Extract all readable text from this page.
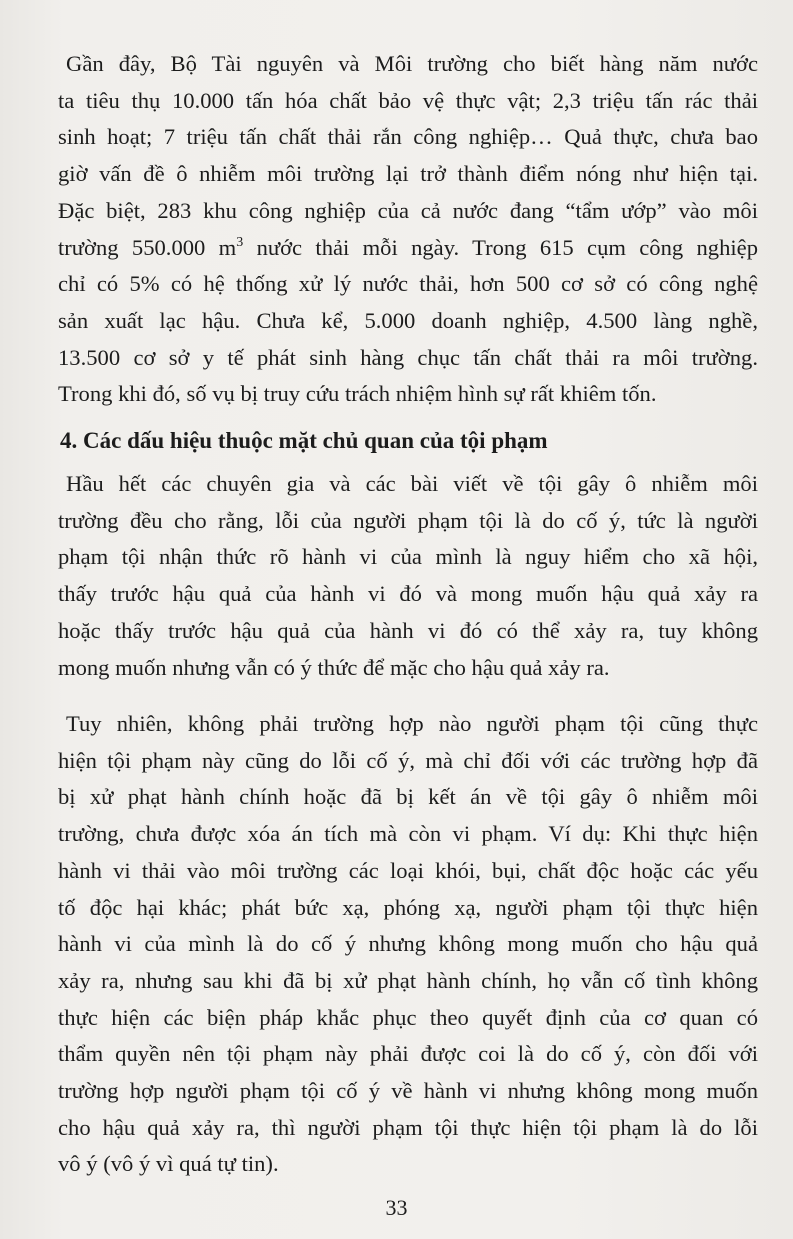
Gần đây, Bộ Tài nguyên và Môi trường cho biết hàng năm nước
ta tiêu thụ 10.000 tấn hóa chất bảo vệ thực vật; 2,3 triệu tấn rác thải
sinh hoạt; 7 triệu tấn chất thải rắn công nghiệp… Quả thực, chưa bao
giờ vấn đề ô nhiễm môi trường lại trở thành điểm nóng như hiện tại.
Đặc biệt, 283 khu công nghiệp của cả nước đang “tẩm ướp” vào môi
trường 550.000 $m^3$ nước thải mỗi ngày. Trong 615 cụm công nghiệp
chỉ có 5% có hệ thống xử lý nước thải, hơn 500 cơ sở có công nghệ
sản xuất lạc hậu. Chưa kể, 5.000 doanh nghiệp, 4.500 làng nghề,
13.500 cơ sở y tế phát sinh hàng chục tấn chất thải ra môi trường.
Trong khi đó, số vụ bị truy cứu trách nhiệm hình sự rất khiêm tốn.
4. Các dấu hiệu thuộc mặt chủ quan của tội phạm
Hầu hết các chuyên gia và các bài viết về tội gây ô nhiễm môi
trường đều cho rằng, lỗi của người phạm tội là do cố ý, tức là người
phạm tội nhận thức rõ hành vi của mình là nguy hiểm cho xã hội,
thấy trước hậu quả của hành vi đó và mong muốn hậu quả xảy ra
hoặc thấy trước hậu quả của hành vi đó có thể xảy ra, tuy không
mong muốn nhưng vẫn có ý thức để mặc cho hậu quả xảy ra.
Tuy nhiên, không phải trường hợp nào người phạm tội cũng thực
hiện tội phạm này cũng do lỗi cố ý, mà chỉ đối với các trường hợp đã
bị xử phạt hành chính hoặc đã bị kết án về tội gây ô nhiễm môi
trường, chưa được xóa án tích mà còn vi phạm. Ví dụ: Khi thực hiện
hành vi thải vào môi trường các loại khói, bụi, chất độc hoặc các yếu
tố độc hại khác; phát bức xạ, phóng xạ, người phạm tội thực hiện
hành vi của mình là do cố ý nhưng không mong muốn cho hậu quả
xảy ra, nhưng sau khi đã bị xử phạt hành chính, họ vẫn cố tình không
thực hiện các biện pháp khắc phục theo quyết định của cơ quan có
thẩm quyền nên tội phạm này phải được coi là do cố ý, còn đối với
trường hợp người phạm tội cố ý về hành vi nhưng không mong muốn
cho hậu quả xảy ra, thì người phạm tội thực hiện tội phạm là do lỗi
vô ý (vô ý vì quá tự tin).
33
